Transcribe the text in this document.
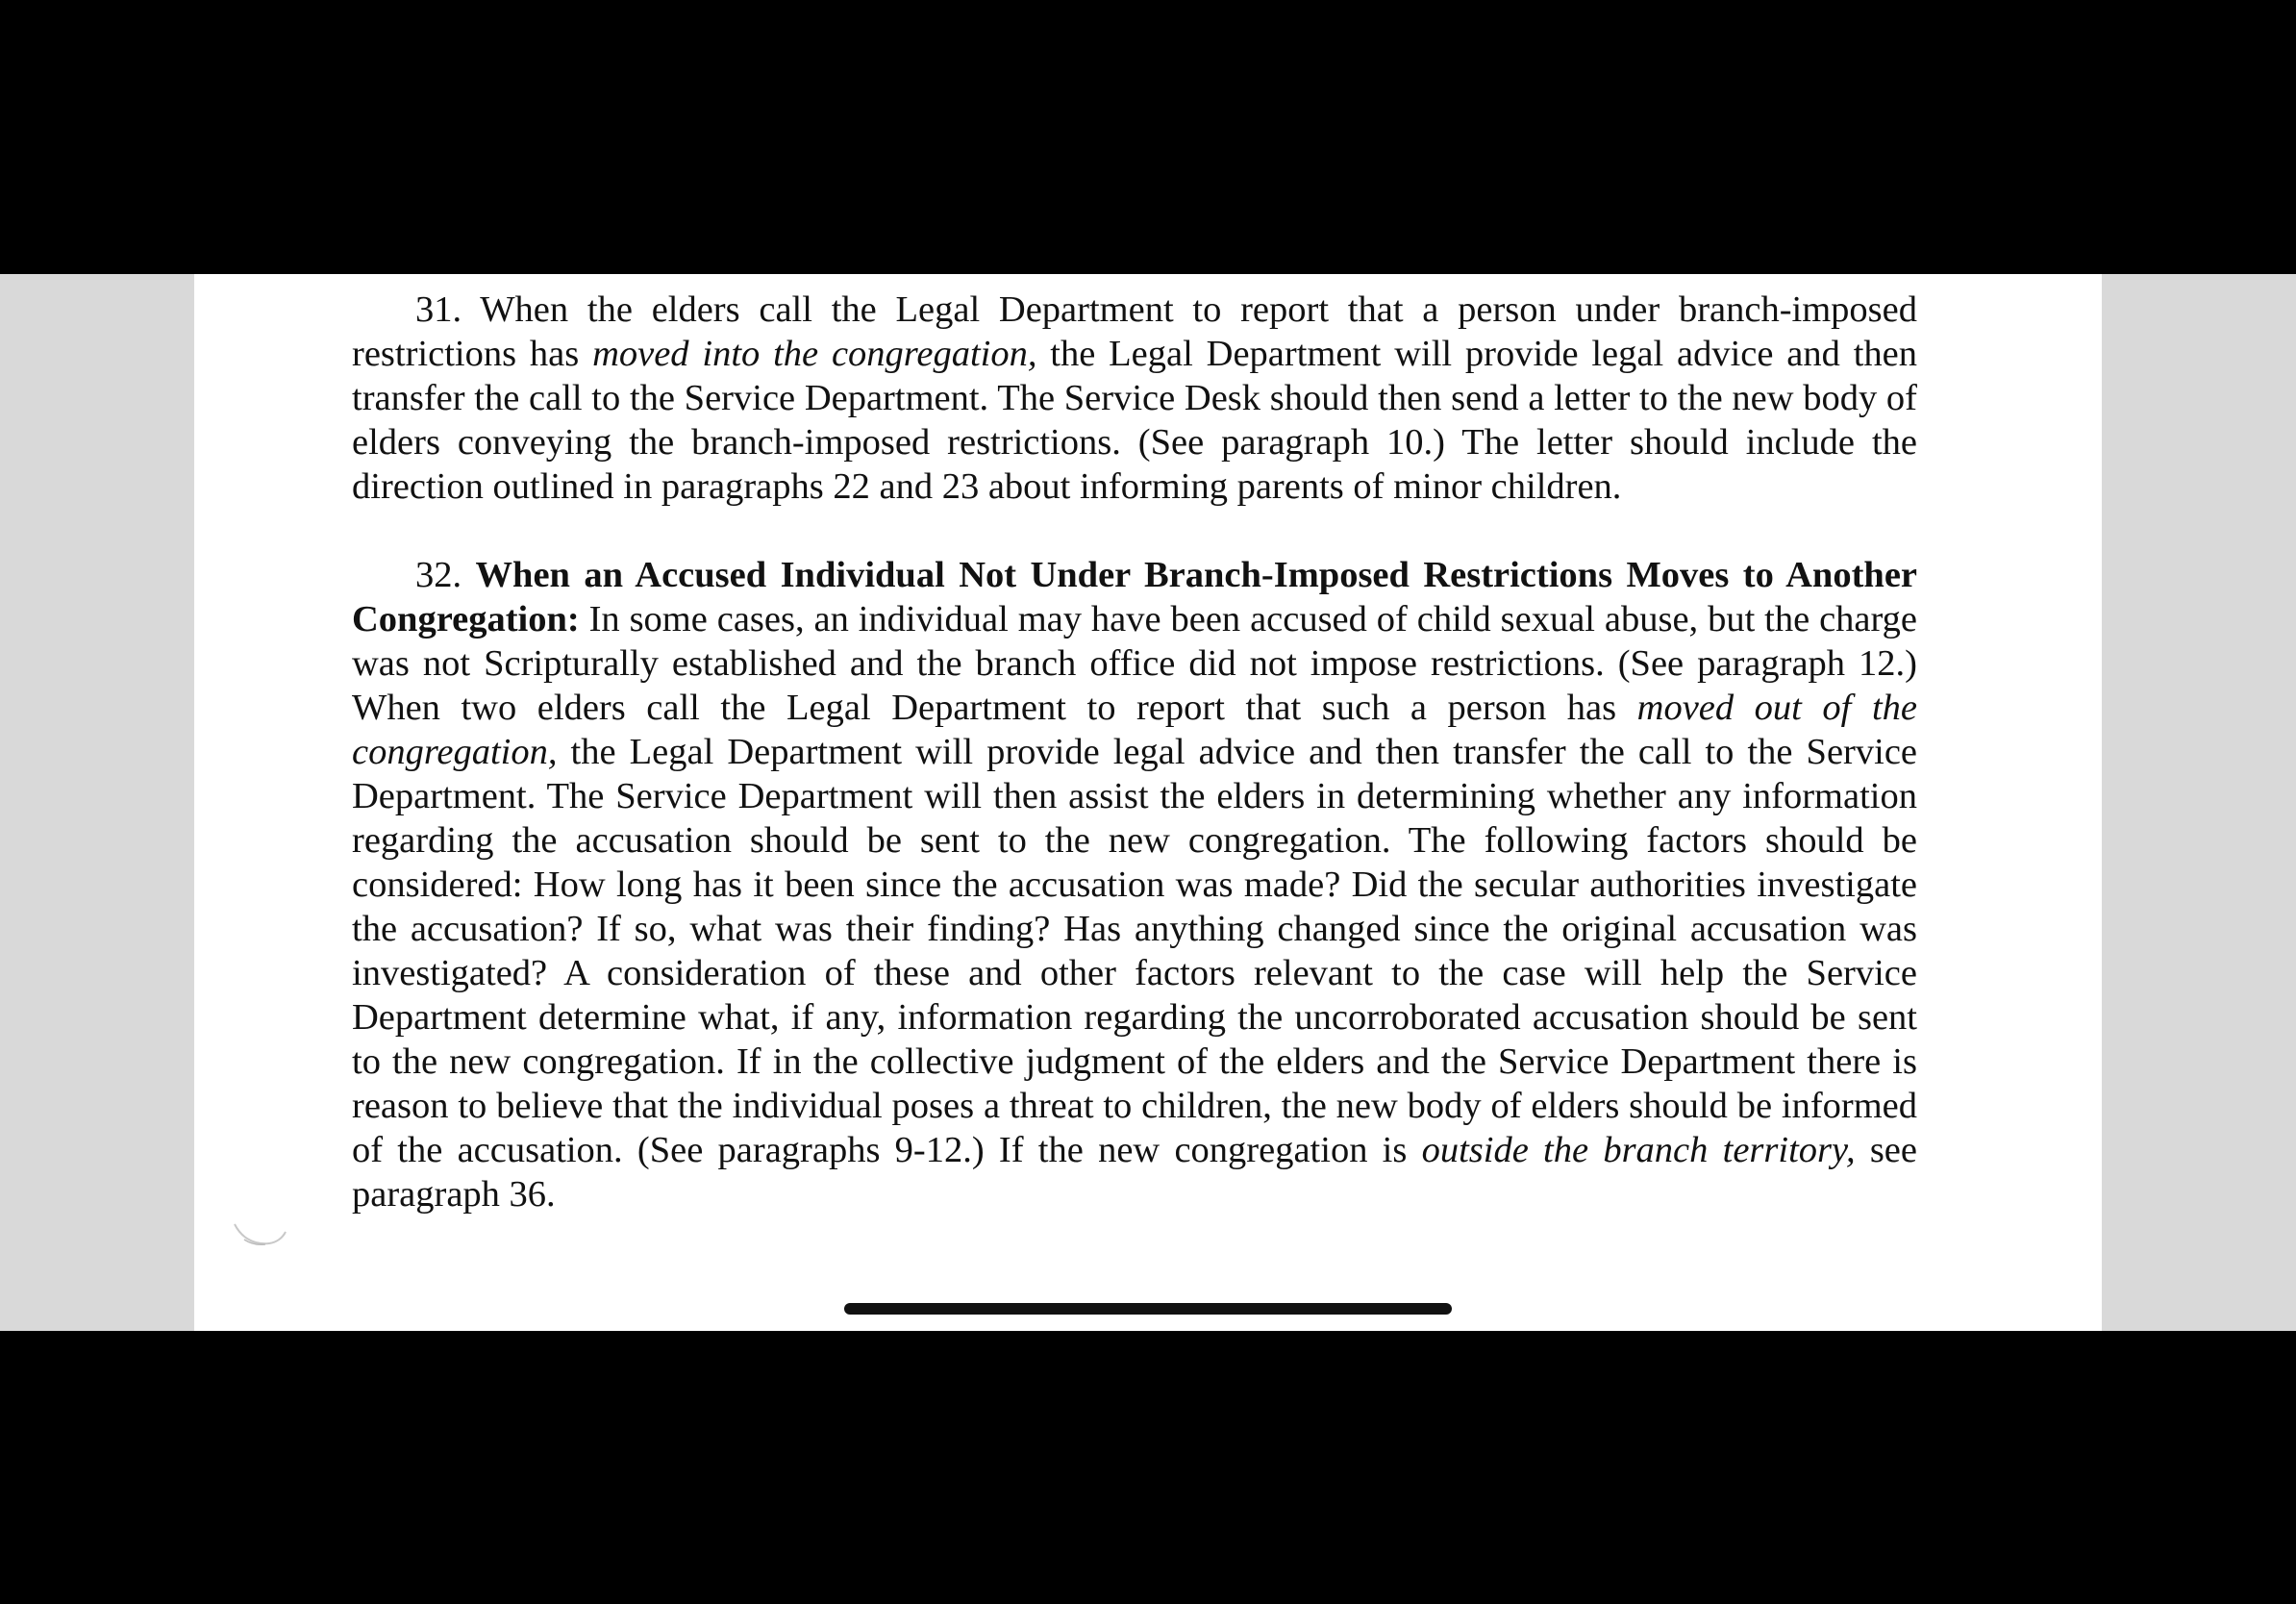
31. When the elders call the Legal Department to report that a person under branch-imposed restrictions has moved into the congregation, the Legal Department will provide legal advice and then transfer the call to the Service Department. The Service Desk should then send a letter to the new body of elders conveying the branch-imposed restrictions. (See paragraph 10.) The letter should include the direction outlined in paragraphs 22 and 23 about informing parents of minor children.

32. When an Accused Individual Not Under Branch-Imposed Restrictions Moves to Another Congregation: In some cases, an individual may have been accused of child sexual abuse, but the charge was not Scripturally established and the branch office did not impose restrictions. (See paragraph 12.) When two elders call the Legal Department to report that such a person has moved out of the congregation, the Legal Department will provide legal advice and then transfer the call to the Service Department. The Service Department will then assist the elders in determining whether any information regarding the accusation should be sent to the new congregation. The following factors should be considered: How long has it been since the accusation was made? Did the secular authorities investigate the accusation? If so, what was their finding? Has anything changed since the original accusation was investigated? A consideration of these and other factors relevant to the case will help the Service Department determine what, if any, information regarding the uncorroborated accusation should be sent to the new congregation. If in the collective judgment of the elders and the Service Department there is reason to believe that the individual poses a threat to children, the new body of elders should be informed of the accusation. (See paragraphs 9-12.) If the new congregation is outside the branch territory, see paragraph 36.
